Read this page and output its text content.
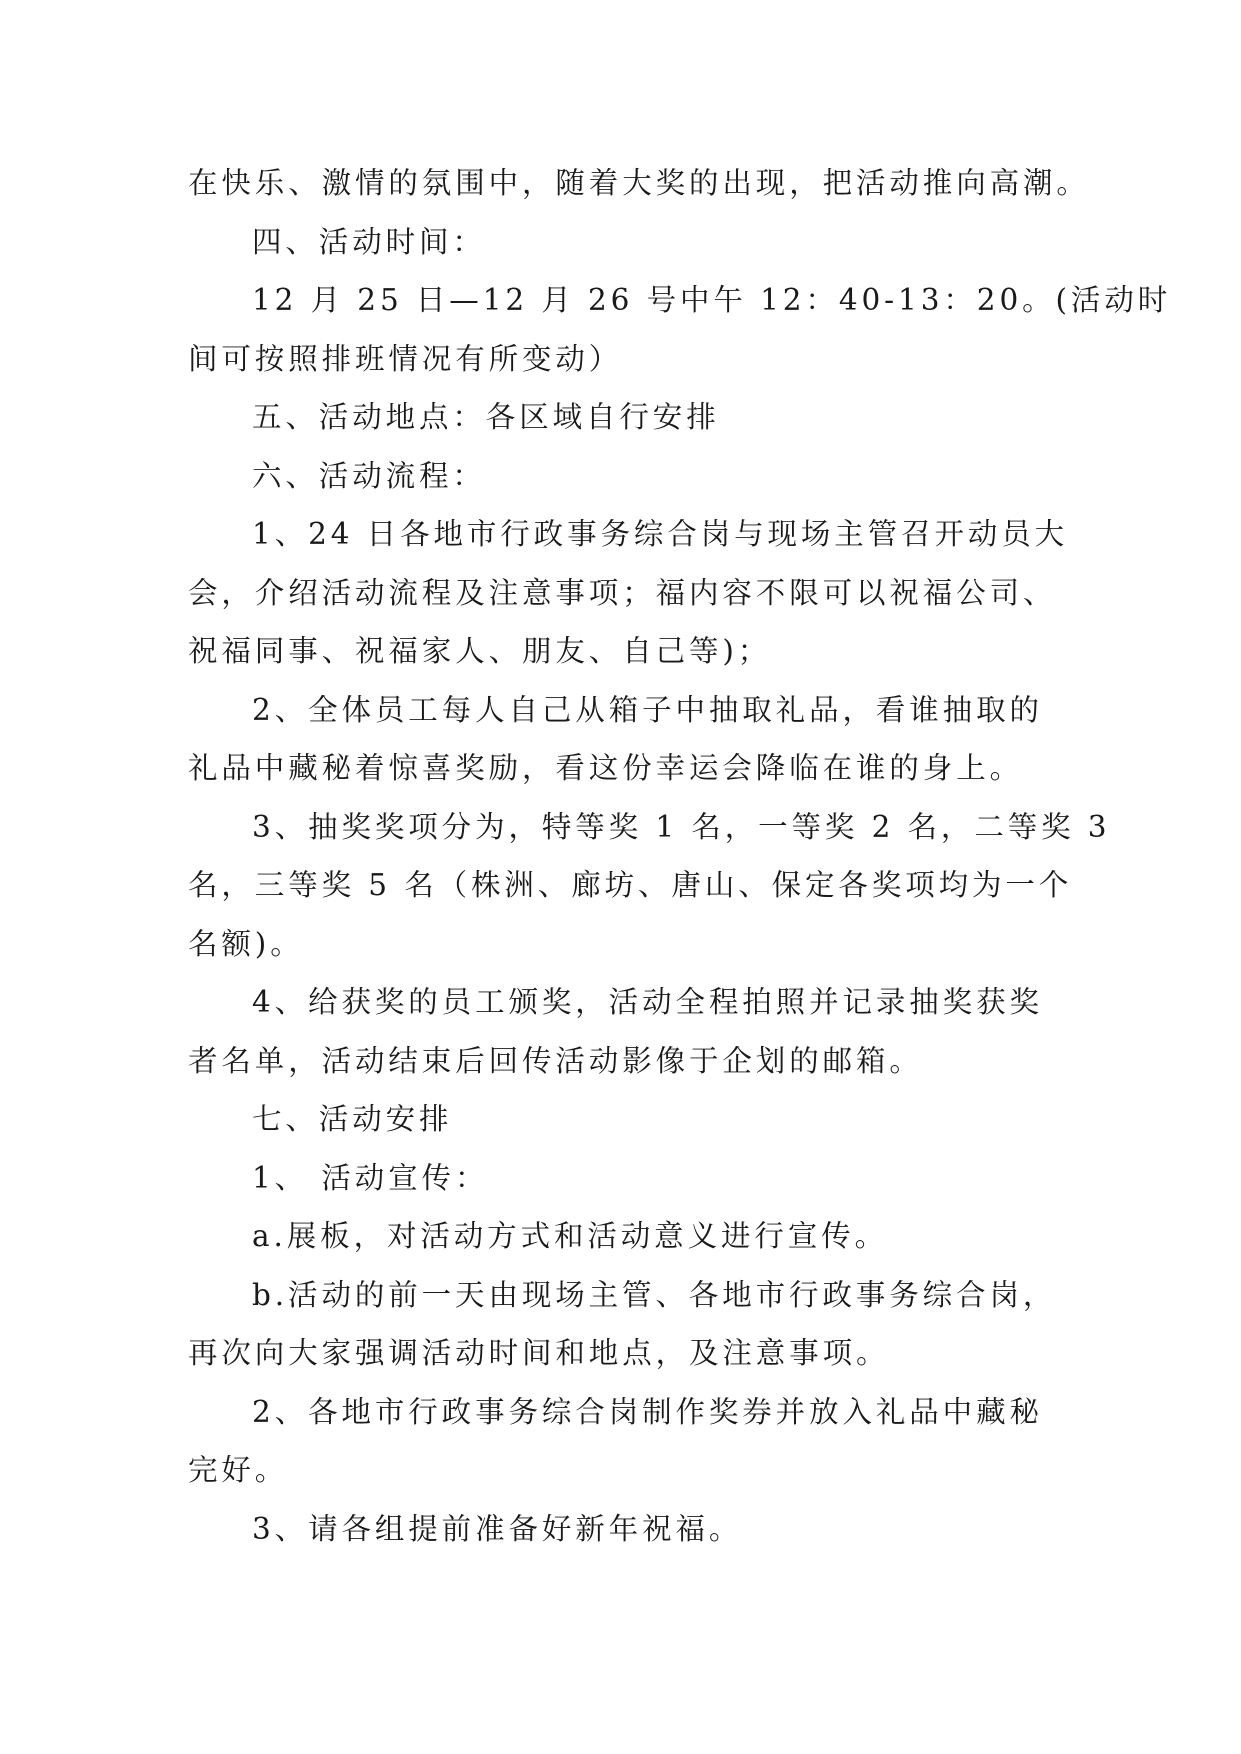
在快乐、激情的氛围中，随着大奖的出现，把活动推向高潮。
四、活动时间：
12 月 25 日—12 月 26 号中午 12：40-13：20。(活动时
间可按照排班情况有所变动）
五、活动地点：各区域自行安排
六、活动流程：
1、24 日各地市行政事务综合岗与现场主管召开动员大
会，介绍活动流程及注意事项；福内容不限可以祝福公司、
祝福同事、祝福家人、朋友、自己等)；
2、全体员工每人自己从箱子中抽取礼品，看谁抽取的
礼品中藏秘着惊喜奖励，看这份幸运会降临在谁的身上。
3、抽奖奖项分为，特等奖 1 名，一等奖 2 名，二等奖 3
名，三等奖 5 名（株洲、廊坊、唐山、保定各奖项均为一个
名额)。
4、给获奖的员工颁奖，活动全程拍照并记录抽奖获奖
者名单，活动结束后回传活动影像于企划的邮箱。
七、活动安排
1、 活动宣传：
a.展板，对活动方式和活动意义进行宣传。
b.活动的前一天由现场主管、各地市行政事务综合岗，
再次向大家强调活动时间和地点，及注意事项。
2、各地市行政事务综合岗制作奖券并放入礼品中藏秘
完好。
3、请各组提前准备好新年祝福。
